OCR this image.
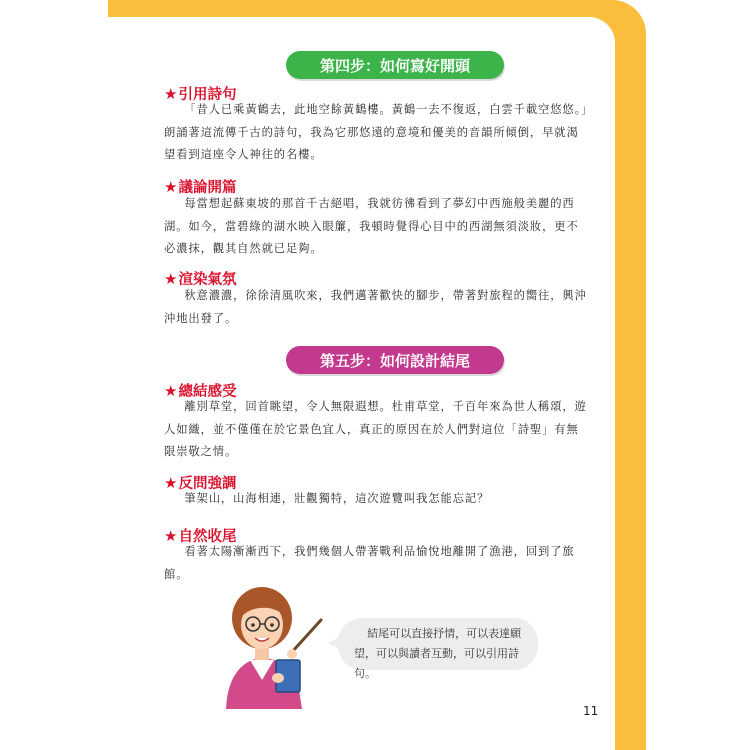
第四步：如何寫好開頭
★ 引用詩句
「昔人已乘黃鶴去，此地空餘黃鶴樓。黃鶴一去不復返，白雲千載空悠悠。」朗誦著這流傳千古的詩句，我為它那悠遠的意境和優美的音韻所傾倒，早就渴望看到這座令人神往的名樓。
★ 議論開篇
每當想起蘇東坡的那首千古絕唱，我就彷彿看到了夢幻中西施般美麗的西湖。如今，當碧綠的湖水映入眼簾，我頓時覺得心目中的西湖無須淡妝，更不必濃抹，觀其自然就已足夠。
★ 渲染氣氛
秋意濃濃，徐徐清風吹來，我們邁著歡快的腳步，帶著對旅程的嚮往，興沖沖地出發了。
第五步：如何設計結尾
★ 總結感受
離別草堂，回首眺望，令人無限遐想。杜甫草堂，千百年來為世人稱頌，遊人如織，並不僅僅在於它景色宜人，真正的原因在於人們對這位「詩聖」有無限崇敬之情。
★ 反問強調
筆架山，山海相連，壯觀獨特，這次遊覽叫我怎能忘記？
★ 自然收尾
看著太陽漸漸西下，我們幾個人帶著戰利品愉悅地離開了漁港，回到了旅館。
結尾可以直接抒情，可以表達願望，可以與讀者互動，可以引用詩句。
11
